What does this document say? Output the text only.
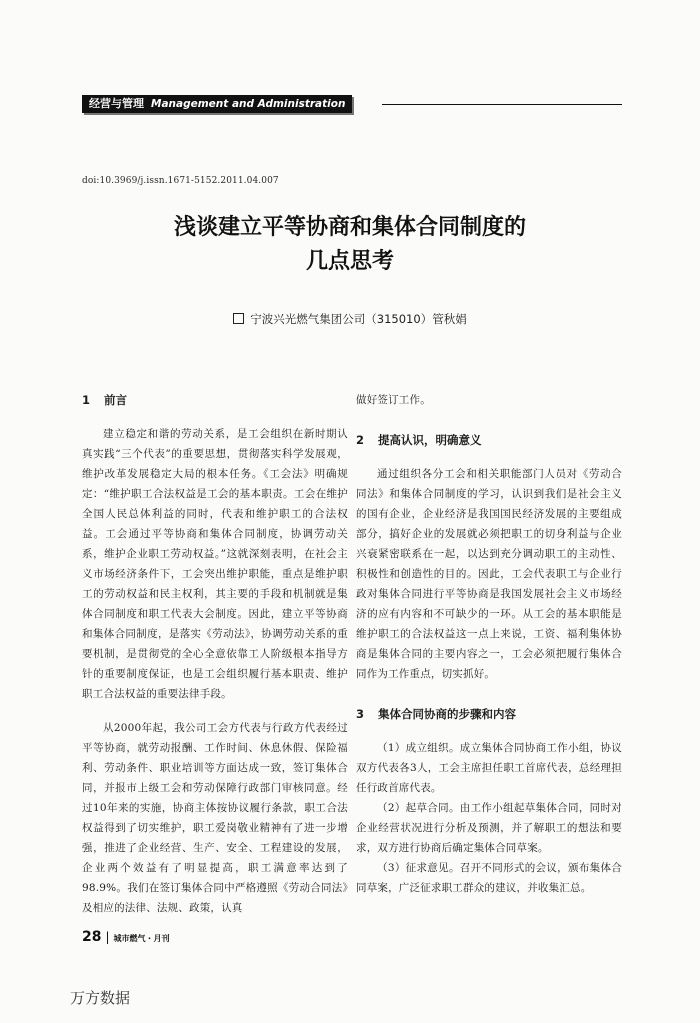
经营与管理 Management and Administration
doi:10.3969/j.issn.1671-5152.2011.04.007
浅谈建立平等协商和集体合同制度的
几点思考
宁波兴光燃气集团公司（315010）管秋娟
1 前言

建立稳定和谐的劳动关系，是工会组织在新时期认真实践“三个代表”的重要思想，贯彻落实科学发展观，维护改革发展稳定大局的根本任务。《工会法》明确规定：“维护职工合法权益是工会的基本职责。工会在维护全国人民总体利益的同时，代表和维护职工的合法权益。工会通过平等协商和集体合同制度，协调劳动关系，维护企业职工劳动权益。”这就深刻表明，在社会主义市场经济条件下，工会突出维护职能，重点是维护职工的劳动权益和民主权利，其主要的手段和机制就是集体合同制度和职工代表大会制度。因此，建立平等协商和集体合同制度，是落实《劳动法》，协调劳动关系的重要机制，是贯彻党的全心全意依靠工人阶级根本指导方针的重要制度保证，也是工会组织履行基本职责、维护职工合法权益的重要法律手段。

从2000年起，我公司工会方代表与行政方代表经过平等协商，就劳动报酬、工作时间、休息休假、保险福利、劳动条件、职业培训等方面达成一致，签订集体合同，并报市上级工会和劳动保障行政部门审核同意。经过10年来的实施，协商主体按协议履行条款，职工合法权益得到了切实维护，职工爱岗敬业精神有了进一步增强，推进了企业经营、生产、安全、工程建设的发展，企业两个效益有了明显提高，职工满意率达到了98.9%。我们在签订集体合同中严格遵照《劳动合同法》及相应的法律、法规、政策，认真

做好签订工作。

2 提高认识，明确意义

通过组织各分工会和相关职能部门人员对《劳动合同法》和集体合同制度的学习，认识到我们是社会主义的国有企业，企业经济是我国国民经济发展的主要组成部分，搞好企业的发展就必须把职工的切身利益与企业兴衰紧密联系在一起，以达到充分调动职工的主动性、积极性和创造性的目的。因此，工会代表职工与企业行政对集体合同进行平等协商是我国发展社会主义市场经济的应有内容和不可缺少的一环。从工会的基本职能是维护职工的合法权益这一点上来说，工资、福利集体协商是集体合同的主要内容之一，工会必须把履行集体合同作为工作重点，切实抓好。

3 集体合同协商的步骤和内容

（1）成立组织。成立集体合同协商工作小组，协议双方代表各3人，工会主席担任职工首席代表，总经理担任行政首席代表。

（2）起草合同。由工作小组起草集体合同，同时对企业经营状况进行分析及预测，并了解职工的想法和要求，双方进行协商后确定集体合同草案。

（3）征求意见。召开不同形式的会议，颁布集体合同草案，广泛征求职工群众的建议，并收集汇总。

28 | 城市燃气・月刊
万方数据
